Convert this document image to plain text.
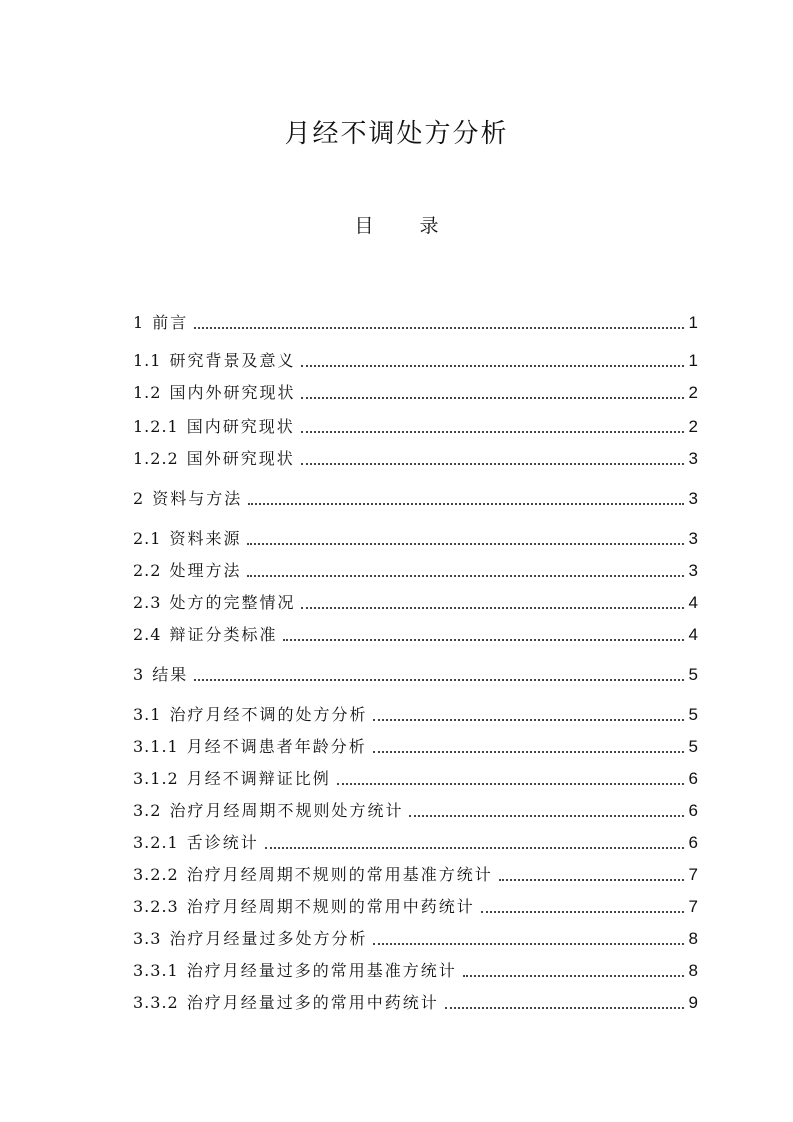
月经不调处方分析
目 录
1 前言	1
1.1 研究背景及意义	1
1.2 国内外研究现状	2
1.2.1 国内研究现状	2
1.2.2 国外研究现状	3
2 资料与方法	3
2.1 资料来源	3
2.2 处理方法	3
2.3 处方的完整情况	4
2.4 辩证分类标准	4
3 结果	5
3.1 治疗月经不调的处方分析	5
3.1.1 月经不调患者年龄分析	5
3.1.2 月经不调辩证比例	6
3.2 治疗月经周期不规则处方统计	6
3.2.1 舌诊统计	6
3.2.2 治疗月经周期不规则的常用基准方统计	7
3.2.3 治疗月经周期不规则的常用中药统计	7
3.3 治疗月经量过多处方分析	8
3.3.1 治疗月经量过多的常用基准方统计	8
3.3.2 治疗月经量过多的常用中药统计	9
